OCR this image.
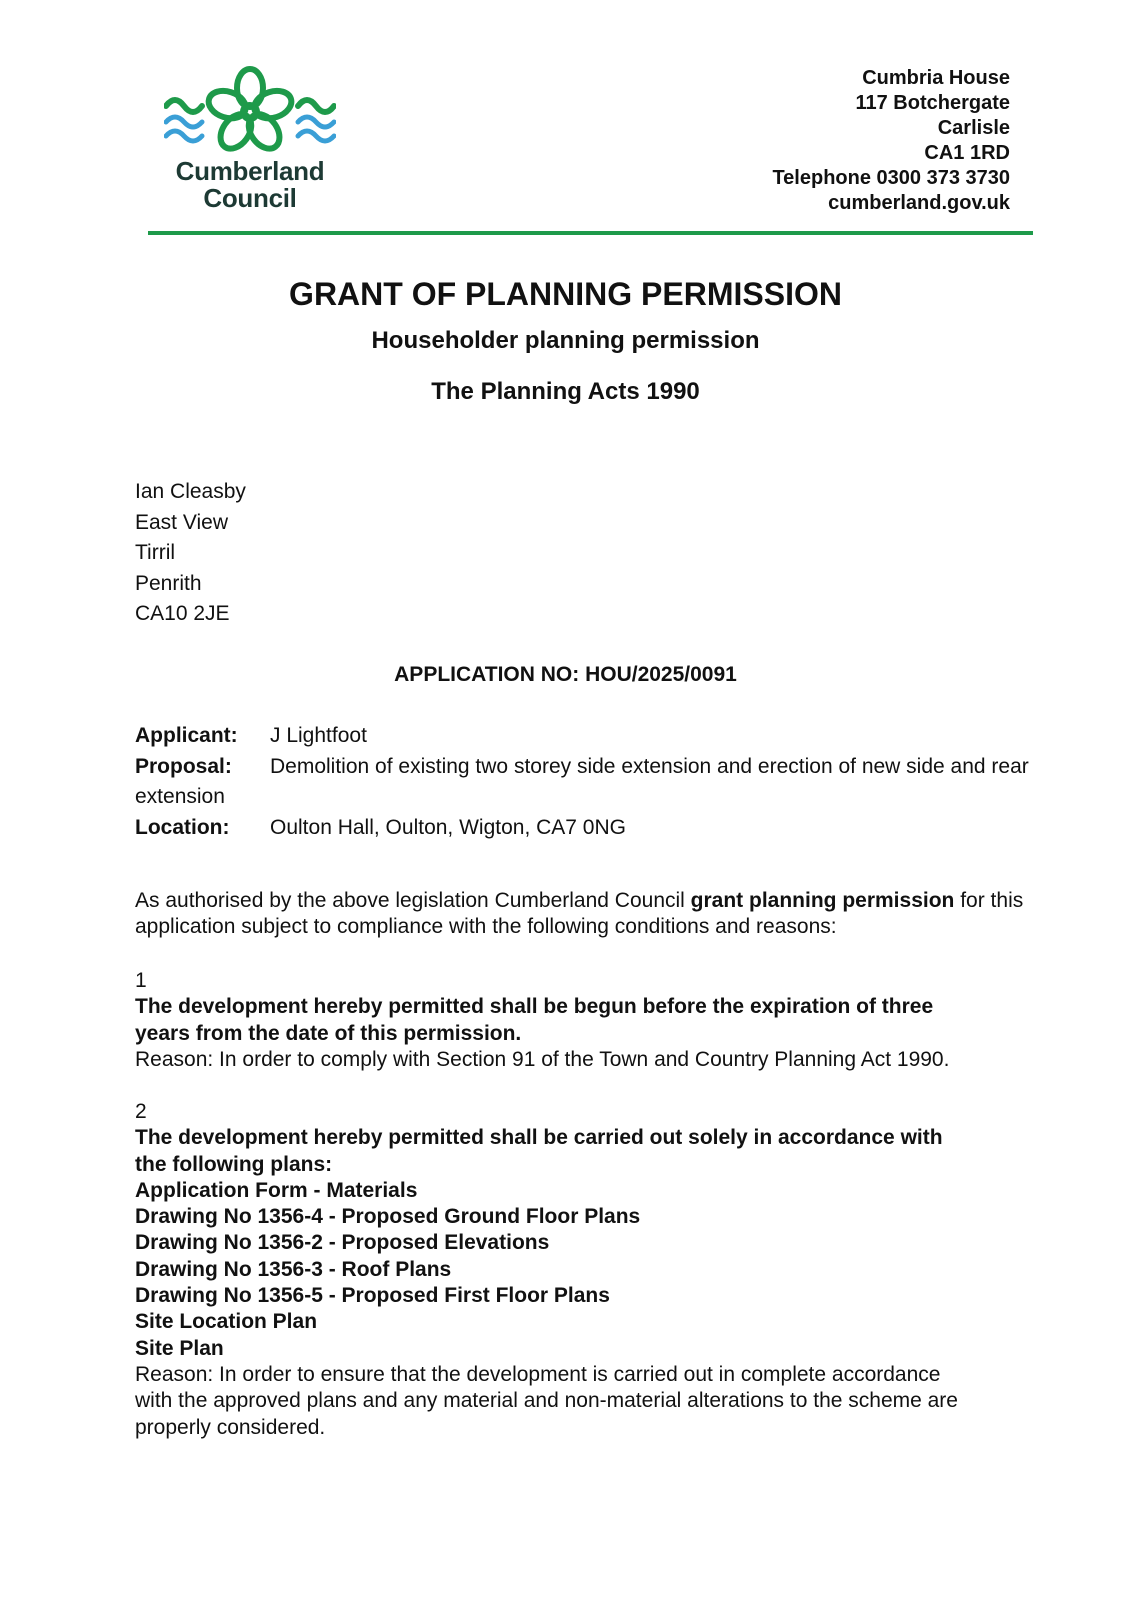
Cumberland
Council
Cumbria House
117 Botchergate
Carlisle
CA1 1RD
Telephone 0300 373 3730
cumberland.gov.uk
GRANT OF PLANNING PERMISSION
Householder planning permission
The Planning Acts 1990
Ian Cleasby
East View
Tirril
Penrith
CA10 2JE
APPLICATION NO: HOU/2025/0091
Applicant: J Lightfoot
Proposal: Demolition of existing two storey side extension and erection of new side and rear extension
Location: Oulton Hall, Oulton, Wigton, CA7 0NG
As authorised by the above legislation Cumberland Council grant planning permission for this application subject to compliance with the following conditions and reasons:
1
The development hereby permitted shall be begun before the expiration of three
years from the date of this permission.
Reason: In order to comply with Section 91 of the Town and Country Planning Act 1990.
2
The development hereby permitted shall be carried out solely in accordance with
the following plans:
Application Form - Materials
Drawing No 1356-4 - Proposed Ground Floor Plans
Drawing No 1356-2 - Proposed Elevations
Drawing No 1356-3 - Roof Plans
Drawing No 1356-5 - Proposed First Floor Plans
Site Location Plan
Site Plan
Reason: In order to ensure that the development is carried out in complete accordance
with the approved plans and any material and non-material alterations to the scheme are
properly considered.
